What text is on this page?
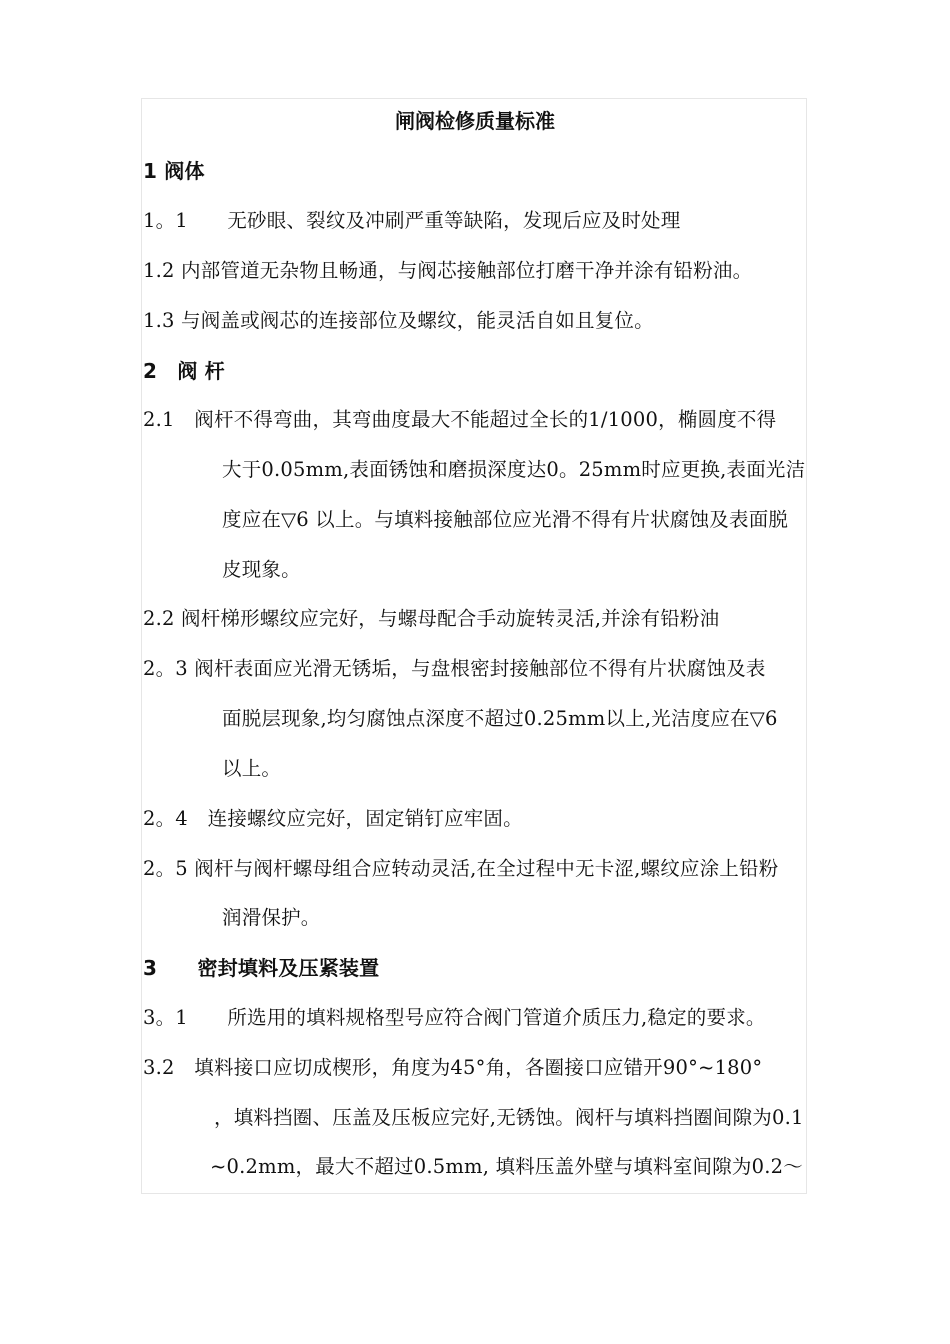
闸阀检修质量标准
1 阀体
1。1　　无砂眼、裂纹及冲刷严重等缺陷，发现后应及时处理
1.2 内部管道无杂物且畅通，与阀芯接触部位打磨干净并涂有铅粉油。
1.3 与阀盖或阀芯的连接部位及螺纹，能灵活自如且复位。
2　阀 杆
2.1　阀杆不得弯曲，其弯曲度最大不能超过全长的1/1000，椭圆度不得
大于0.05mm,表面锈蚀和磨损深度达0。25mm时应更换,表面光洁
度应在▽6 以上。与填料接触部位应光滑不得有片状腐蚀及表面脱
皮现象。
2.2 阀杆梯形螺纹应完好，与螺母配合手动旋转灵活,并涂有铅粉油
2。3 阀杆表面应光滑无锈垢，与盘根密封接触部位不得有片状腐蚀及表
面脱层现象,均匀腐蚀点深度不超过0.25mm以上,光洁度应在▽6
以上。
2。4　连接螺纹应完好，固定销钉应牢固。
2。5 阀杆与阀杆螺母组合应转动灵活,在全过程中无卡涩,螺纹应涂上铅粉
润滑保护。
3　　密封填料及压紧装置
3。1　　所选用的填料规格型号应符合阀门管道介质压力,稳定的要求。
3.2　填料接口应切成楔形，角度为45°角，各圈接口应错开90°~180°
，填料挡圈、压盖及压板应完好,无锈蚀。阀杆与填料挡圈间隙为0.1
~0.2mm，最大不超过0.5mm, 填料压盖外壁与填料室间隙为0.2～
